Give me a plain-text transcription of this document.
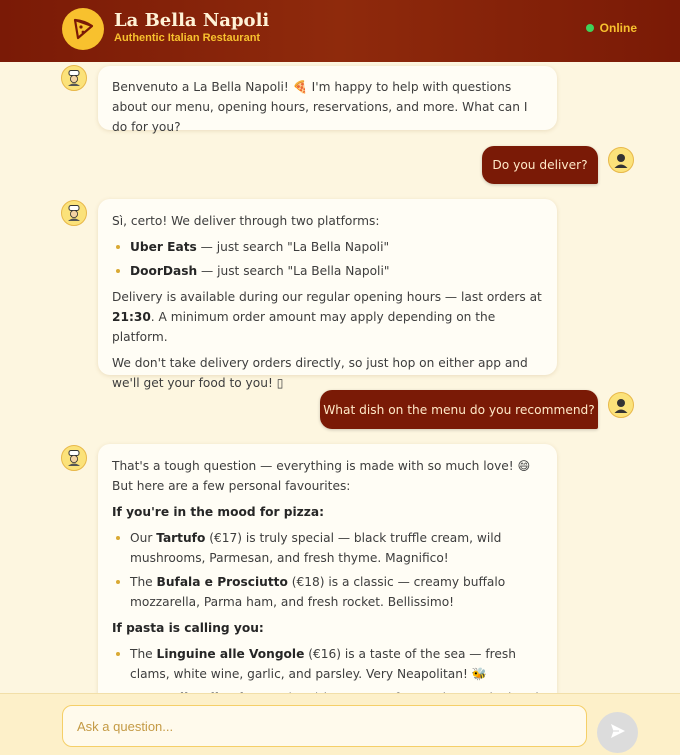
La Bella Napoli
Authentic Italian Restaurant
Online

Benvenuto a La Bella Napoli! 🍕 I'm happy to help with questions about our menu, opening hours, reservations, and more. What can I do for you?

Do you deliver?

Sì, certo! We deliver through two platforms:

Uber Eats — just search "La Bella Napoli"
DoorDash — just search "La Bella Napoli"

Delivery is available during our regular opening hours — last orders at 21:30. A minimum order amount may apply depending on the platform.

We don't take delivery orders directly, so just hop on either app and we'll get your food to you! ▯

What dish on the menu do you recommend?

That's a tough question — everything is made with so much love! 😄 But here are a few personal favourites:

If you're in the mood for pizza:

Our Tartufo (€17) is truly special — black truffle cream, wild mushrooms, Parmesan, and fresh thyme. Magnifico!
The Bufala e Prosciutto (€18) is a classic — creamy buffalo mozzarella, Parma ham, and fresh rocket. Bellissimo!

If pasta is calling you:

The Linguine alle Vongole (€16) is a taste of the sea — fresh clams, white wine, garlic, and parsley. Very Neapolitan! 🐝
Ask a question...
